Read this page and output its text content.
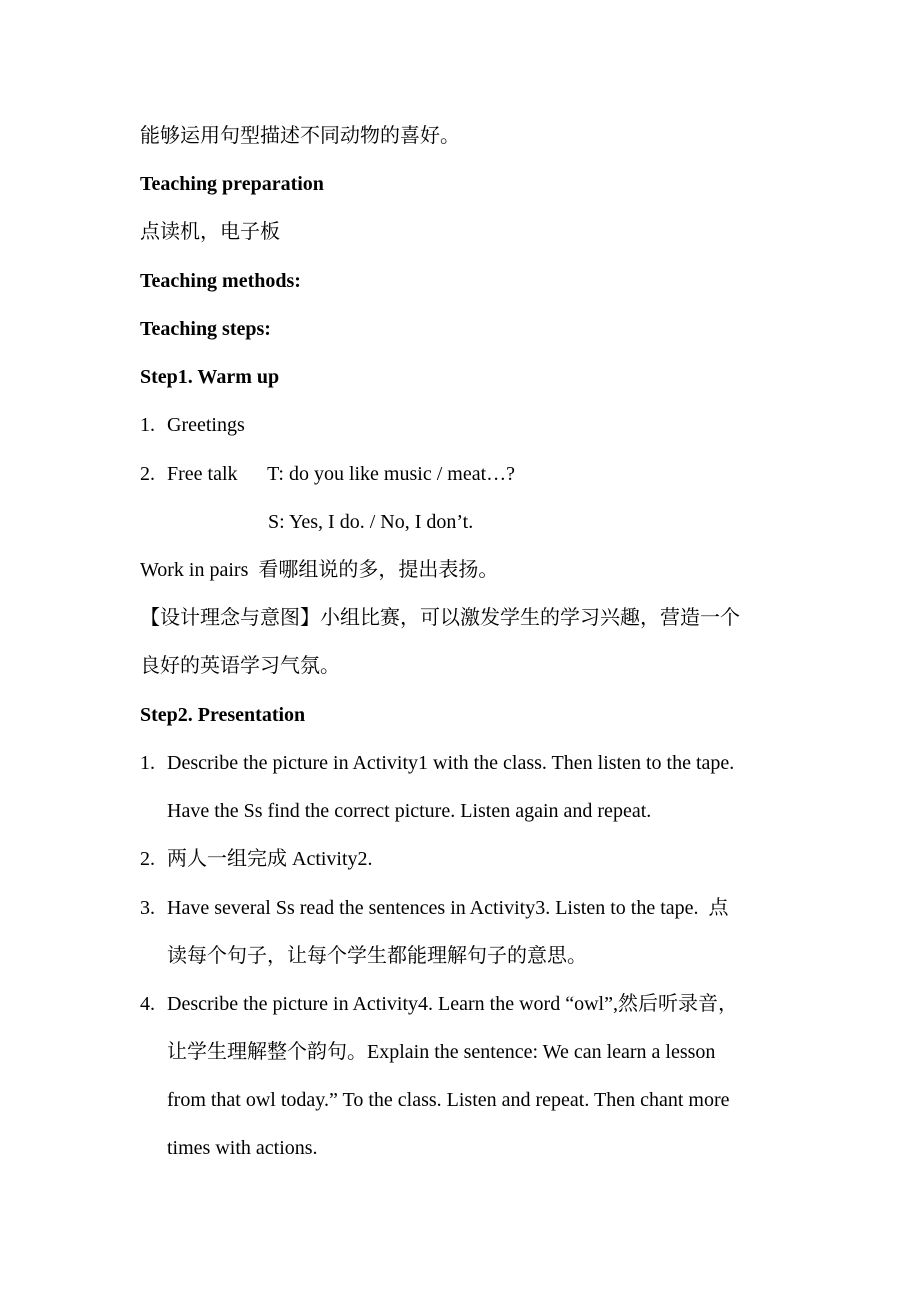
能够运用句型描述不同动物的喜好。
Teaching preparation
点读机，电子板
Teaching methods:
Teaching steps:
Step1. Warm up
1. Greetings
2. Free talk      T: do you like music / meat…?
S: Yes, I do. / No, I don’t.
Work in pairs  看哪组说的多，提出表扬。
【设计理念与意图】小组比赛，可以激发学生的学习兴趣，营造一个
良好的英语学习气氛。
Step2. Presentation
1. Describe the picture in Activity1 with the class. Then listen to the tape.
Have the Ss find the correct picture. Listen again and repeat.
2. 两人一组完成 Activity2.
3. Have several Ss read the sentences in Activity3. Listen to the tape.  点
读每个句子，让每个学生都能理解句子的意思。
4. Describe the picture in Activity4. Learn the word “owl”,然后听录音，
让学生理解整个韵句。Explain the sentence: We can learn a lesson
from that owl today.” To the class. Listen and repeat. Then chant more
times with actions.
